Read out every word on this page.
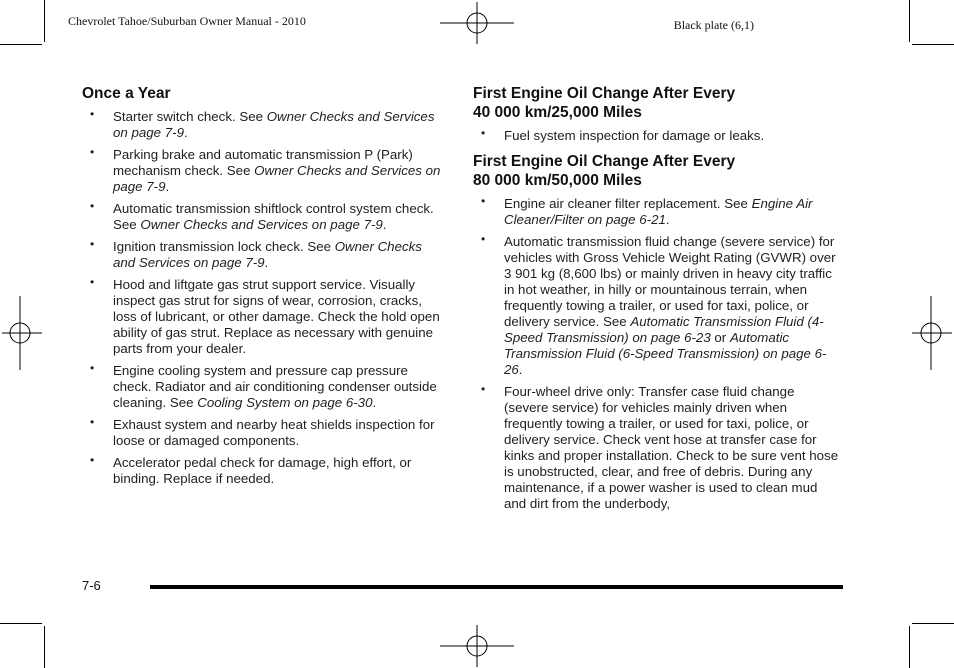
Chevrolet Tahoe/Suburban Owner Manual - 2010	Black plate (6,1)
Once a Year
• Starter switch check. See Owner Checks and Services on page 7-9.
• Parking brake and automatic transmission P (Park) mechanism check. See Owner Checks and Services on page 7-9.
• Automatic transmission shiftlock control system check. See Owner Checks and Services on page 7-9.
• Ignition transmission lock check. See Owner Checks and Services on page 7-9.
• Hood and liftgate gas strut support service. Visually inspect gas strut for signs of wear, corrosion, cracks, loss of lubricant, or other damage. Check the hold open ability of gas strut. Replace as necessary with genuine parts from your dealer.
• Engine cooling system and pressure cap pressure check. Radiator and air conditioning condenser outside cleaning. See Cooling System on page 6-30.
• Exhaust system and nearby heat shields inspection for loose or damaged components.
• Accelerator pedal check for damage, high effort, or binding. Replace if needed.
First Engine Oil Change After Every
40 000 km/25,000 Miles
• Fuel system inspection for damage or leaks.
First Engine Oil Change After Every
80 000 km/50,000 Miles
• Engine air cleaner filter replacement. See Engine Air Cleaner/Filter on page 6-21.
• Automatic transmission fluid change (severe service) for vehicles with Gross Vehicle Weight Rating (GVWR) over 3 901 kg (8,600 lbs) or mainly driven in heavy city traffic in hot weather, in hilly or mountainous terrain, when frequently towing a trailer, or used for taxi, police, or delivery service. See Automatic Transmission Fluid (4-Speed Transmission) on page 6-23 or Automatic Transmission Fluid (6-Speed Transmission) on page 6-26.
• Four-wheel drive only: Transfer case fluid change (severe service) for vehicles mainly driven when frequently towing a trailer, or used for taxi, police, or delivery service. Check vent hose at transfer case for kinks and proper installation. Check to be sure vent hose is unobstructed, clear, and free of debris. During any maintenance, if a power washer is used to clean mud and dirt from the underbody,
7-6
